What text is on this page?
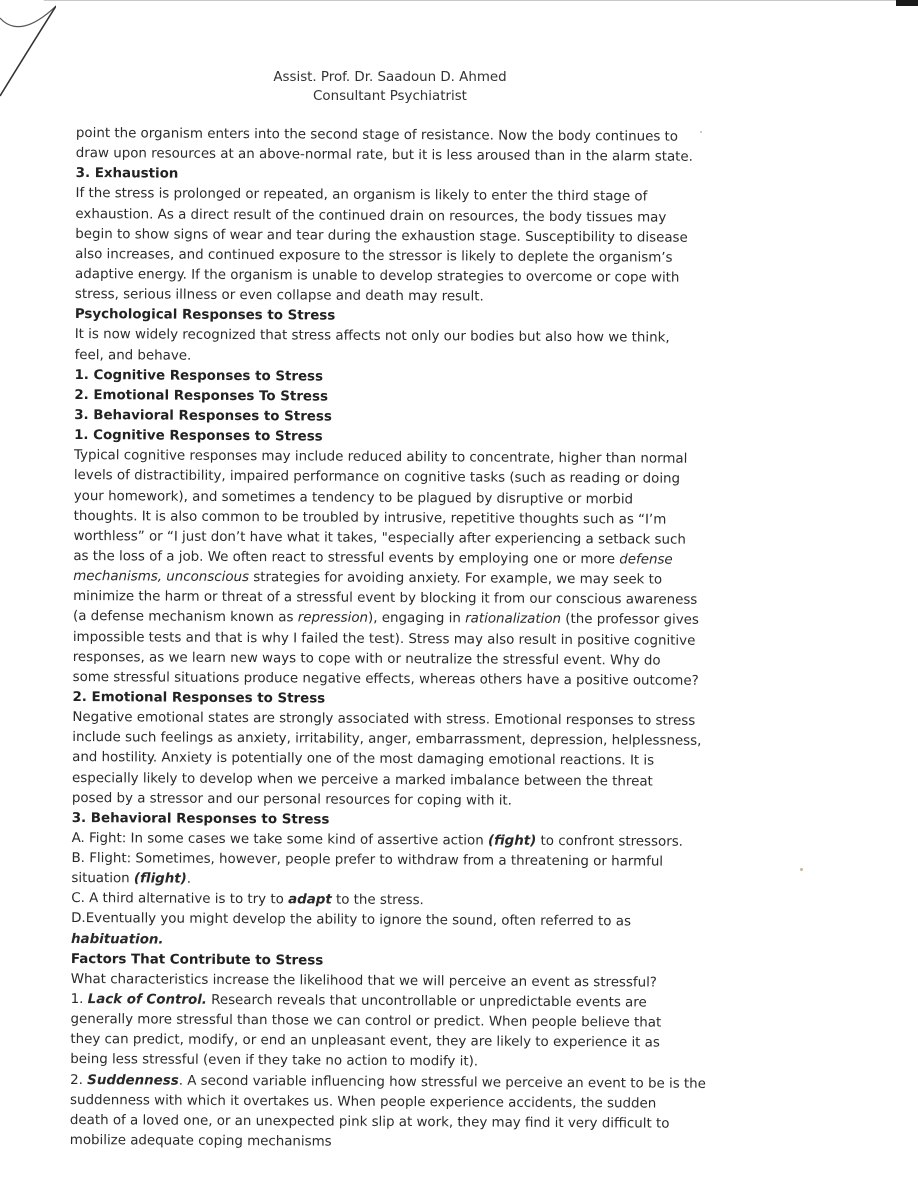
Assist. Prof. Dr. Saadoun D. Ahmed
Consultant Psychiatrist
point the organism enters into the second stage of resistance. Now the body continues to
draw upon resources at an above-normal rate, but it is less aroused than in the alarm state.
3. Exhaustion
If the stress is prolonged or repeated, an organism is likely to enter the third stage of
exhaustion. As a direct result of the continued drain on resources, the body tissues may
begin to show signs of wear and tear during the exhaustion stage. Susceptibility to disease
also increases, and continued exposure to the stressor is likely to deplete the organism’s
adaptive energy. If the organism is unable to develop strategies to overcome or cope with
stress, serious illness or even collapse and death may result.
Psychological Responses to Stress
It is now widely recognized that stress affects not only our bodies but also how we think,
feel, and behave.
1. Cognitive Responses to Stress
2. Emotional Responses To Stress
3. Behavioral Responses to Stress
1. Cognitive Responses to Stress
Typical cognitive responses may include reduced ability to concentrate, higher than normal
levels of distractibility, impaired performance on cognitive tasks (such as reading or doing
your homework), and sometimes a tendency to be plagued by disruptive or morbid
thoughts. It is also common to be troubled by intrusive, repetitive thoughts such as “I’m
worthless” or “I just don’t have what it takes, "especially after experiencing a setback such
as the loss of a job. We often react to stressful events by employing one or more defense
mechanisms, unconscious strategies for avoiding anxiety. For example, we may seek to
minimize the harm or threat of a stressful event by blocking it from our conscious awareness
(a defense mechanism known as repression), engaging in rationalization (the professor gives
impossible tests and that is why I failed the test). Stress may also result in positive cognitive
responses, as we learn new ways to cope with or neutralize the stressful event. Why do
some stressful situations produce negative effects, whereas others have a positive outcome?
2. Emotional Responses to Stress
Negative emotional states are strongly associated with stress. Emotional responses to stress
include such feelings as anxiety, irritability, anger, embarrassment, depression, helplessness,
and hostility. Anxiety is potentially one of the most damaging emotional reactions. It is
especially likely to develop when we perceive a marked imbalance between the threat
posed by a stressor and our personal resources for coping with it.
3. Behavioral Responses to Stress
A. Fight: In some cases we take some kind of assertive action (fight) to confront stressors.
B. Flight: Sometimes, however, people prefer to withdraw from a threatening or harmful
situation (flight).
C. A third alternative is to try to adapt to the stress.
D.Eventually you might develop the ability to ignore the sound, often referred to as
habituation.
Factors That Contribute to Stress
What characteristics increase the likelihood that we will perceive an event as stressful?
1. Lack of Control. Research reveals that uncontrollable or unpredictable events are
generally more stressful than those we can control or predict. When people believe that
they can predict, modify, or end an unpleasant event, they are likely to experience it as
being less stressful (even if they take no action to modify it).
2. Suddenness. A second variable influencing how stressful we perceive an event to be is the
suddenness with which it overtakes us. When people experience accidents, the sudden
death of a loved one, or an unexpected pink slip at work, they may find it very difficult to
mobilize adequate coping mechanisms
